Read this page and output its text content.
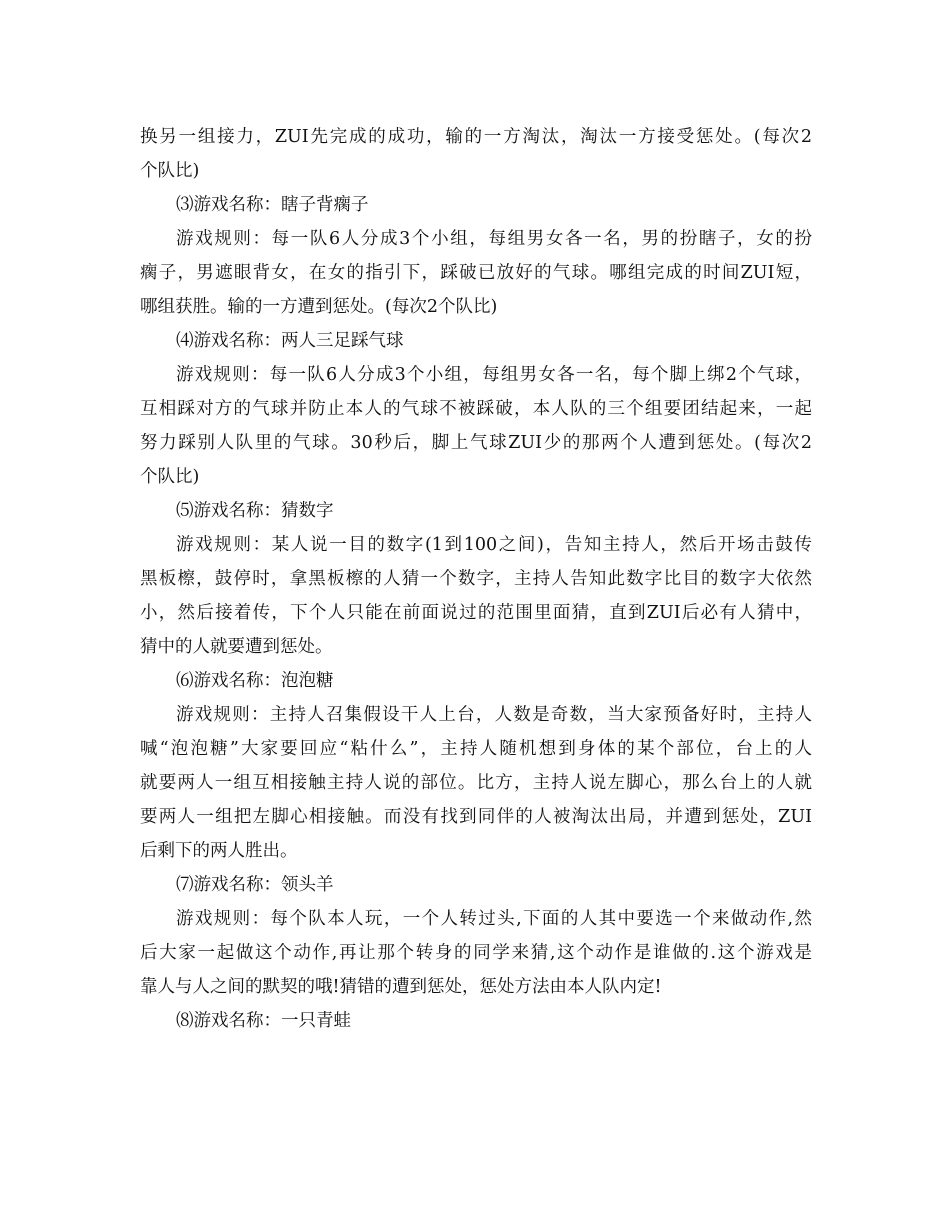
换另一组接力，ZUI先完成的成功，输的一方淘汰，淘汰一方接受惩处。(每次2
个队比)
⑶游戏名称：瞎子背瘸子
游戏规则：每一队6人分成3个小组，每组男女各一名，男的扮瞎子，女的扮
瘸子，男遮眼背女，在女的指引下，踩破已放好的气球。哪组完成的时间ZUI短，
哪组获胜。输的一方遭到惩处。(每次2个队比)
⑷游戏名称：两人三足踩气球
游戏规则：每一队6人分成3个小组，每组男女各一名，每个脚上绑2个气球，
互相踩对方的气球并防止本人的气球不被踩破，本人队的三个组要团结起来，一起
努力踩别人队里的气球。30秒后，脚上气球ZUI少的那两个人遭到惩处。(每次2
个队比)
⑸游戏名称：猜数字
游戏规则：某人说一目的数字(1到100之间)，告知主持人，然后开场击鼓传
黑板檫，鼓停时，拿黑板檫的人猜一个数字，主持人告知此数字比目的数字大依然
小，然后接着传，下个人只能在前面说过的范围里面猜，直到ZUI后必有人猜中，
猜中的人就要遭到惩处。
⑹游戏名称：泡泡糖
游戏规则：主持人召集假设干人上台，人数是奇数，当大家预备好时，主持人
喊“泡泡糖”大家要回应“粘什么”，主持人随机想到身体的某个部位，台上的人
就要两人一组互相接触主持人说的部位。比方，主持人说左脚心，那么台上的人就
要两人一组把左脚心相接触。而没有找到同伴的人被淘汰出局，并遭到惩处，ZUI
后剩下的两人胜出。
⑺游戏名称：领头羊
游戏规则：每个队本人玩，一个人转过头,下面的人其中要选一个来做动作,然
后大家一起做这个动作,再让那个转身的同学来猜,这个动作是谁做的.这个游戏是
靠人与人之间的默契的哦!猜错的遭到惩处，惩处方法由本人队内定!
⑻游戏名称：一只青蛙
